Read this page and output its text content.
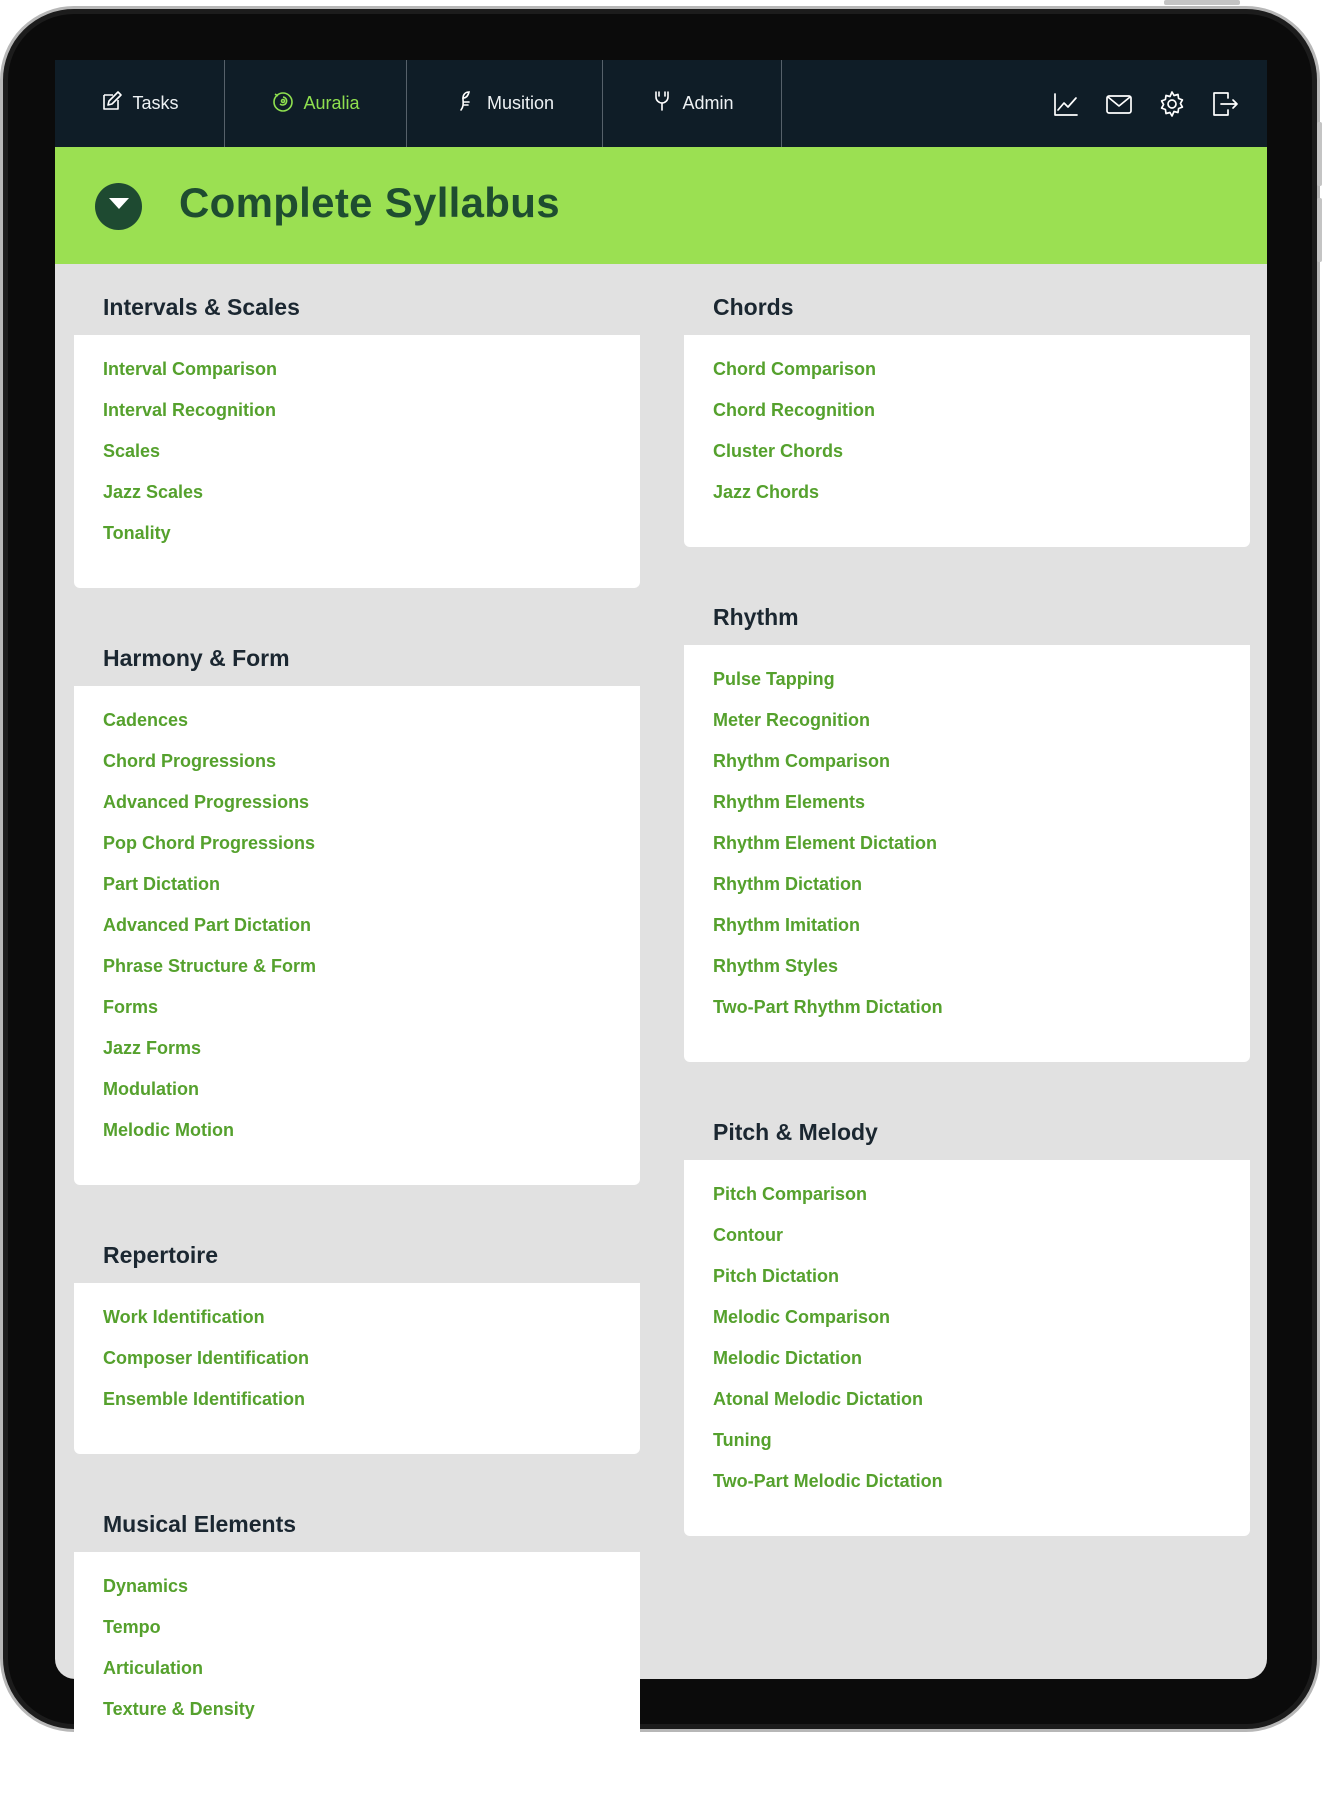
Tasks	Auralia	Musition	Admin
Complete Syllabus
Intervals & Scales
Interval Comparison
Interval Recognition
Scales
Jazz Scales
Tonality
Harmony & Form
Cadences
Chord Progressions
Advanced Progressions
Pop Chord Progressions
Part Dictation
Advanced Part Dictation
Phrase Structure & Form
Forms
Jazz Forms
Modulation
Melodic Motion
Repertoire
Work Identification
Composer Identification
Ensemble Identification
Musical Elements
Dynamics
Tempo
Articulation
Texture & Density
Chords
Chord Comparison
Chord Recognition
Cluster Chords
Jazz Chords
Rhythm
Pulse Tapping
Meter Recognition
Rhythm Comparison
Rhythm Elements
Rhythm Element Dictation
Rhythm Dictation
Rhythm Imitation
Rhythm Styles
Two-Part Rhythm Dictation
Pitch & Melody
Pitch Comparison
Contour
Pitch Dictation
Melodic Comparison
Melodic Dictation
Atonal Melodic Dictation
Tuning
Two-Part Melodic Dictation
